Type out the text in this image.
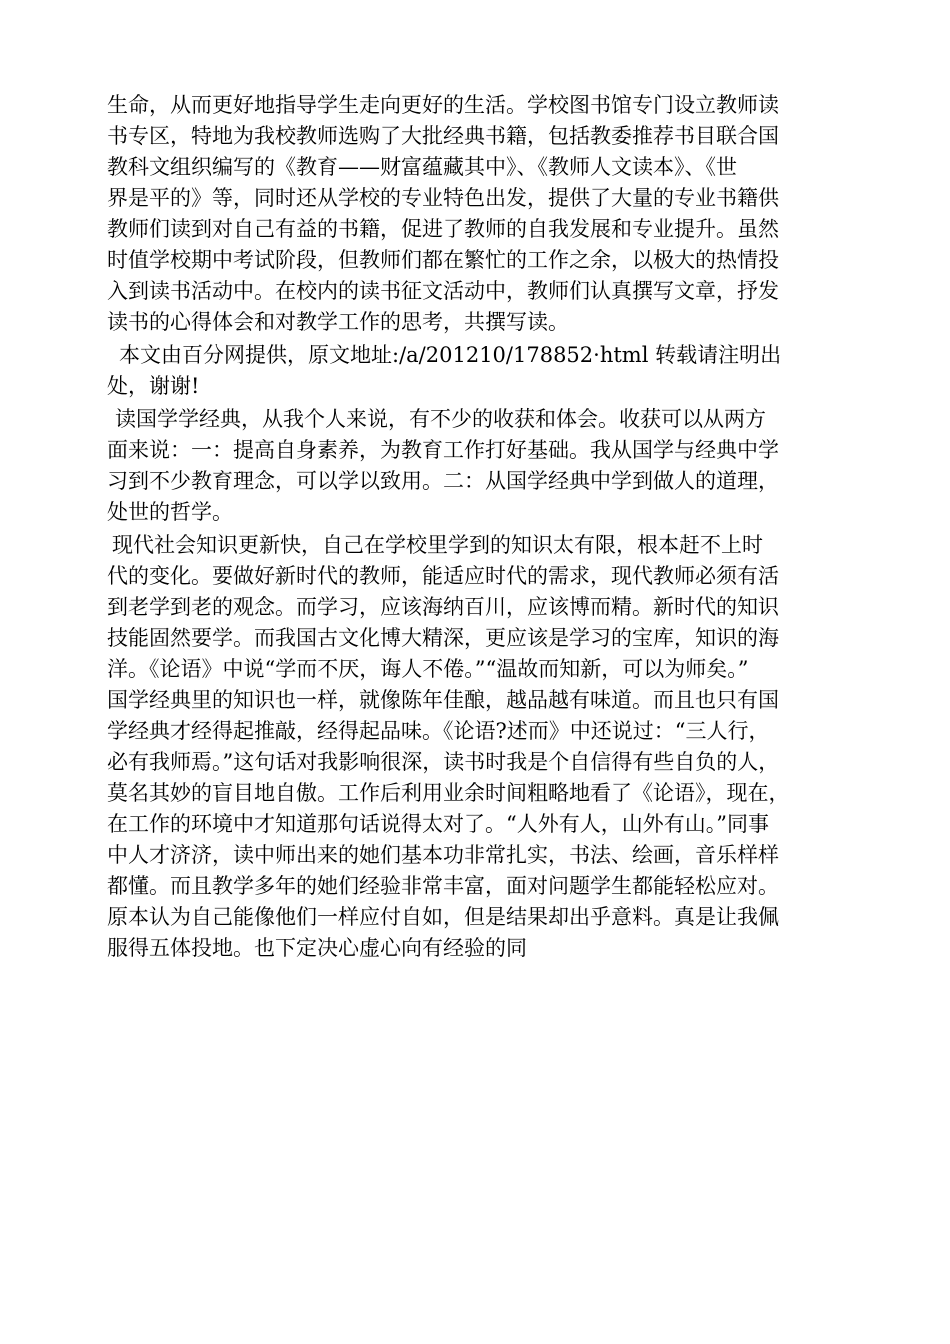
生命，从而更好地指导学生走向更好的生活。学校图书馆专门设立教师读
书专区，特地为我校教师选购了大批经典书籍，包括教委推荐书目联合国
教科文组织编写的《教育——财富蕴藏其中》、《教师人文读本》、《世
界是平的》等，同时还从学校的专业特色出发，提供了大量的专业书籍供
教师们读到对自己有益的书籍，促进了教师的自我发展和专业提升。虽然
时值学校期中考试阶段，但教师们都在繁忙的工作之余，以极大的热情投
入到读书活动中。在校内的读书征文活动中，教师们认真撰写文章，抒发
读书的心得体会和对教学工作的思考，共撰写读。
本文由百分网提供，原文地址:/a/201210/178852·html 转载请注明出
处，谢谢!
读国学学经典，从我个人来说，有不少的收获和体会。收获可以从两方
面来说：一：提高自身素养，为教育工作打好基础。我从国学与经典中学
习到不少教育理念，可以学以致用。二：从国学经典中学到做人的道理，
处世的哲学。
现代社会知识更新快，自己在学校里学到的知识太有限，根本赶不上时
代的变化。要做好新时代的教师，能适应时代的需求，现代教师必须有活
到老学到老的观念。而学习，应该海纳百川，应该博而精。新时代的知识
技能固然要学。而我国古文化博大精深，更应该是学习的宝库，知识的海
洋。《论语》中说“学而不厌，诲人不倦。”“温故而知新，可以为师矣。”
国学经典里的知识也一样，就像陈年佳酿，越品越有味道。而且也只有国
学经典才经得起推敲，经得起品味。《论语?述而》中还说过：“三人行，
必有我师焉。”这句话对我影响很深，读书时我是个自信得有些自负的人，
莫名其妙的盲目地自傲。工作后利用业余时间粗略地看了《论语》，现在，
在工作的环境中才知道那句话说得太对了。“人外有人，山外有山。”同事
中人才济济，读中师出来的她们基本功非常扎实，书法、绘画，音乐样样
都懂。而且教学多年的她们经验非常丰富，面对问题学生都能轻松应对。
原本认为自己能像他们一样应付自如，但是结果却出乎意料。真是让我佩
服得五体投地。也下定决心虚心向有经验的同
